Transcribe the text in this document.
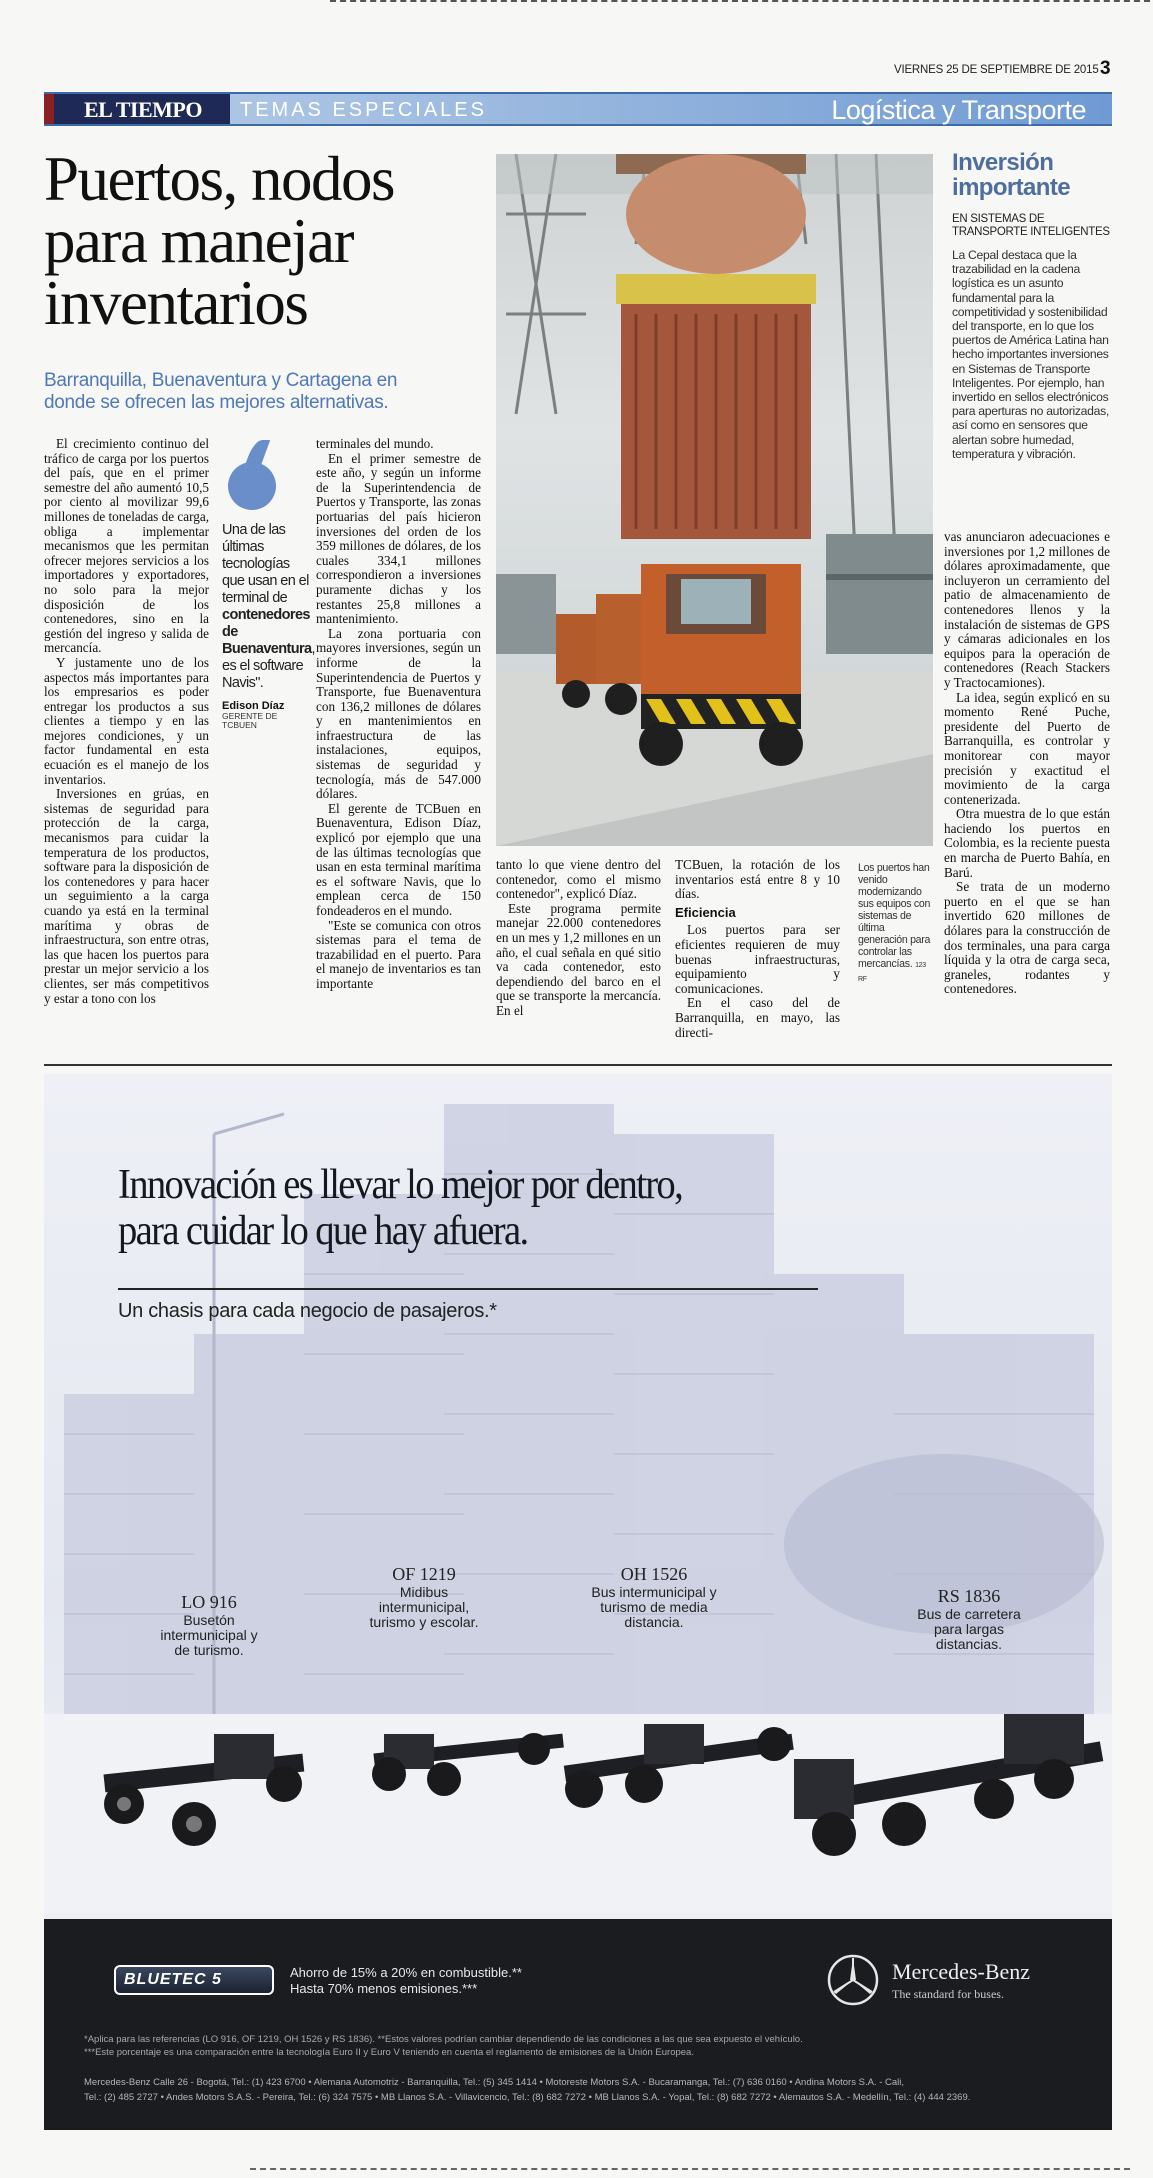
VIERNES 25 DE SEPTIEMBRE DE 2015 3
EL TIEMPO TEMAS ESPECIALES	Logística y Transporte
Puertos, nodos
para manejar
inventarios
Barranquilla, Buenaventura y Cartagena en donde se ofrecen las mejores alternativas.

El crecimiento continuo del tráfico de carga por los puertos del país, que en el primer semestre del año aumentó 10,5 por ciento al movilizar 99,6 millones de toneladas de carga, obliga a implementar mecanismos que les permitan ofrecer mejores servicios a los importadores y exportadores, no solo para la mejor disposición de los contenedores, sino en la gestión del ingreso y salida de mercancía.

Y justamente uno de los aspectos más importantes para los empresarios es poder entregar los productos a sus clientes a tiempo y en las mejores condiciones, y un factor fundamental en esta ecuación es el manejo de los inventarios.

Inversiones en grúas, en sistemas de seguridad para protección de la carga, mecanismos para cuidar la temperatura de los productos, software para la disposición de los contenedores y para hacer un seguimiento a la carga cuando ya está en la terminal marítima y obras de infraestructura, son entre otras, las que hacen los puertos para prestar un mejor servicio a los clientes, ser más competitivos y estar a tono con los

Una de las últimas tecnologías que usan en el terminal de contenedores de Buenaventura, es el software Navis".
Edison Díaz
GERENTE DE TCBUEN

terminales del mundo.

En el primer semestre de este año, y según un informe de la Superintendencia de Puertos y Transporte, las zonas portuarias del país hicieron inversiones del orden de los 359 millones de dólares, de los cuales 334,1 millones correspondieron a inversiones puramente dichas y los restantes 25,8 millones a mantenimiento.

La zona portuaria con mayores inversiones, según un informe de la Superintendencia de Puertos y Transporte, fue Buenaventura con 136,2 millones de dólares y en mantenimientos en infraestructura de las instalaciones, equipos, sistemas de seguridad y tecnología, más de 547.000 dólares.

El gerente de TCBuen en Buenaventura, Edison Díaz, explicó por ejemplo que una de las últimas tecnologías que usan en esta terminal marítima es el software Navis, que lo emplean cerca de 150 fondeaderos en el mundo.

"Este se comunica con otros sistemas para el tema de trazabilidad en el puerto. Para el manejo de inventarios es tan importante

Inversión importante
EN SISTEMAS DE TRANSPORTE INTELIGENTES
La Cepal destaca que la trazabilidad en la cadena logística es un asunto fundamental para la competitividad y sostenibilidad del transporte, en lo que los puertos de América Latina han hecho importantes inversiones en Sistemas de Transporte Inteligentes. Por ejemplo, han invertido en sellos electrónicos para aperturas no autorizadas, así como en sensores que alertan sobre humedad, temperatura y vibración.

vas anunciaron adecuaciones e inversiones por 1,2 millones de dólares aproximadamente, que incluyeron un cerramiento del patio de almacenamiento de contenedores llenos y la instalación de sistemas de GPS y cámaras adicionales en los equipos para la operación de contenedores (Reach Stackers y Tractocamiones).

La idea, según explicó en su momento René Puche, presidente del Puerto de Barranquilla, es controlar y monitorear con mayor precisión y exactitud el movimiento de la carga contenerizada.

Otra muestra de lo que están haciendo los puertos en Colombia, es la reciente puesta en marcha de Puerto Bahía, en Barú.

Se trata de un moderno puerto en el que se han invertido 620 millones de dólares para la construcción de dos terminales, una para carga líquida y la otra de carga seca, graneles, rodantes y contenedores.

tanto lo que viene dentro del contenedor, como el mismo contenedor", explicó Díaz.

Este programa permite manejar 22.000 contenedores en un mes y 1,2 millones en un año, el cual señala en qué sitio va cada contenedor, esto dependiendo del barco en el que se transporte la mercancía. En el

TCBuen, la rotación de los inventarios está entre 8 y 10 días.

Eficiencia

Los puertos para ser eficientes requieren de muy buenas infraestructuras, equipamiento y comunicaciones.

En el caso del de Barranquilla, en mayo, las directi-

Los puertos han venido modernizando sus equipos con sistemas de última generación para controlar las mercancías. 123 RF
Innovación es llevar lo mejor por dentro,
para cuidar lo que hay afuera.
Un chasis para cada negocio de pasajeros.*
LO 916
Busetón intermunicipal y de turismo.
OF 1219
Midibus intermunicipal, turismo y escolar.
OH 1526
Bus intermunicipal y turismo de media distancia.
RS 1836
Bus de carretera para largas distancias.
BLUETEC 5	Ahorro de 15% a 20% en combustible.**
Hasta 70% menos emisiones.***
Mercedes-Benz
The standard for buses.
*Aplica para las referencias (LO 916, OF 1219, OH 1526 y RS 1836). **Estos valores podrían cambiar dependiendo de las condiciones a las que sea expuesto el vehículo.
***Este porcentaje es una comparación entre la tecnología Euro II y Euro V teniendo en cuenta el reglamento de emisiones de la Unión Europea.
Mercedes-Benz Calle 26 - Bogotá, Tel.: (1) 423 6700 • Alemana Automotriz - Barranquilla, Tel.: (5) 345 1414 • Motoreste Motors S.A. - Bucaramanga, Tel.: (7) 636 0160 • Andina Motors S.A. - Cali,
Tel.: (2) 485 2727 • Andes Motors S.A.S. - Pereira, Tel.: (6) 324 7575 • MB Llanos S.A. - Villavicencio, Tel.: (8) 682 7272 • MB Llanos S.A. - Yopal, Tel.: (8) 682 7272 • Alemautos S.A. - Medellín, Tel.: (4) 444 2369.
